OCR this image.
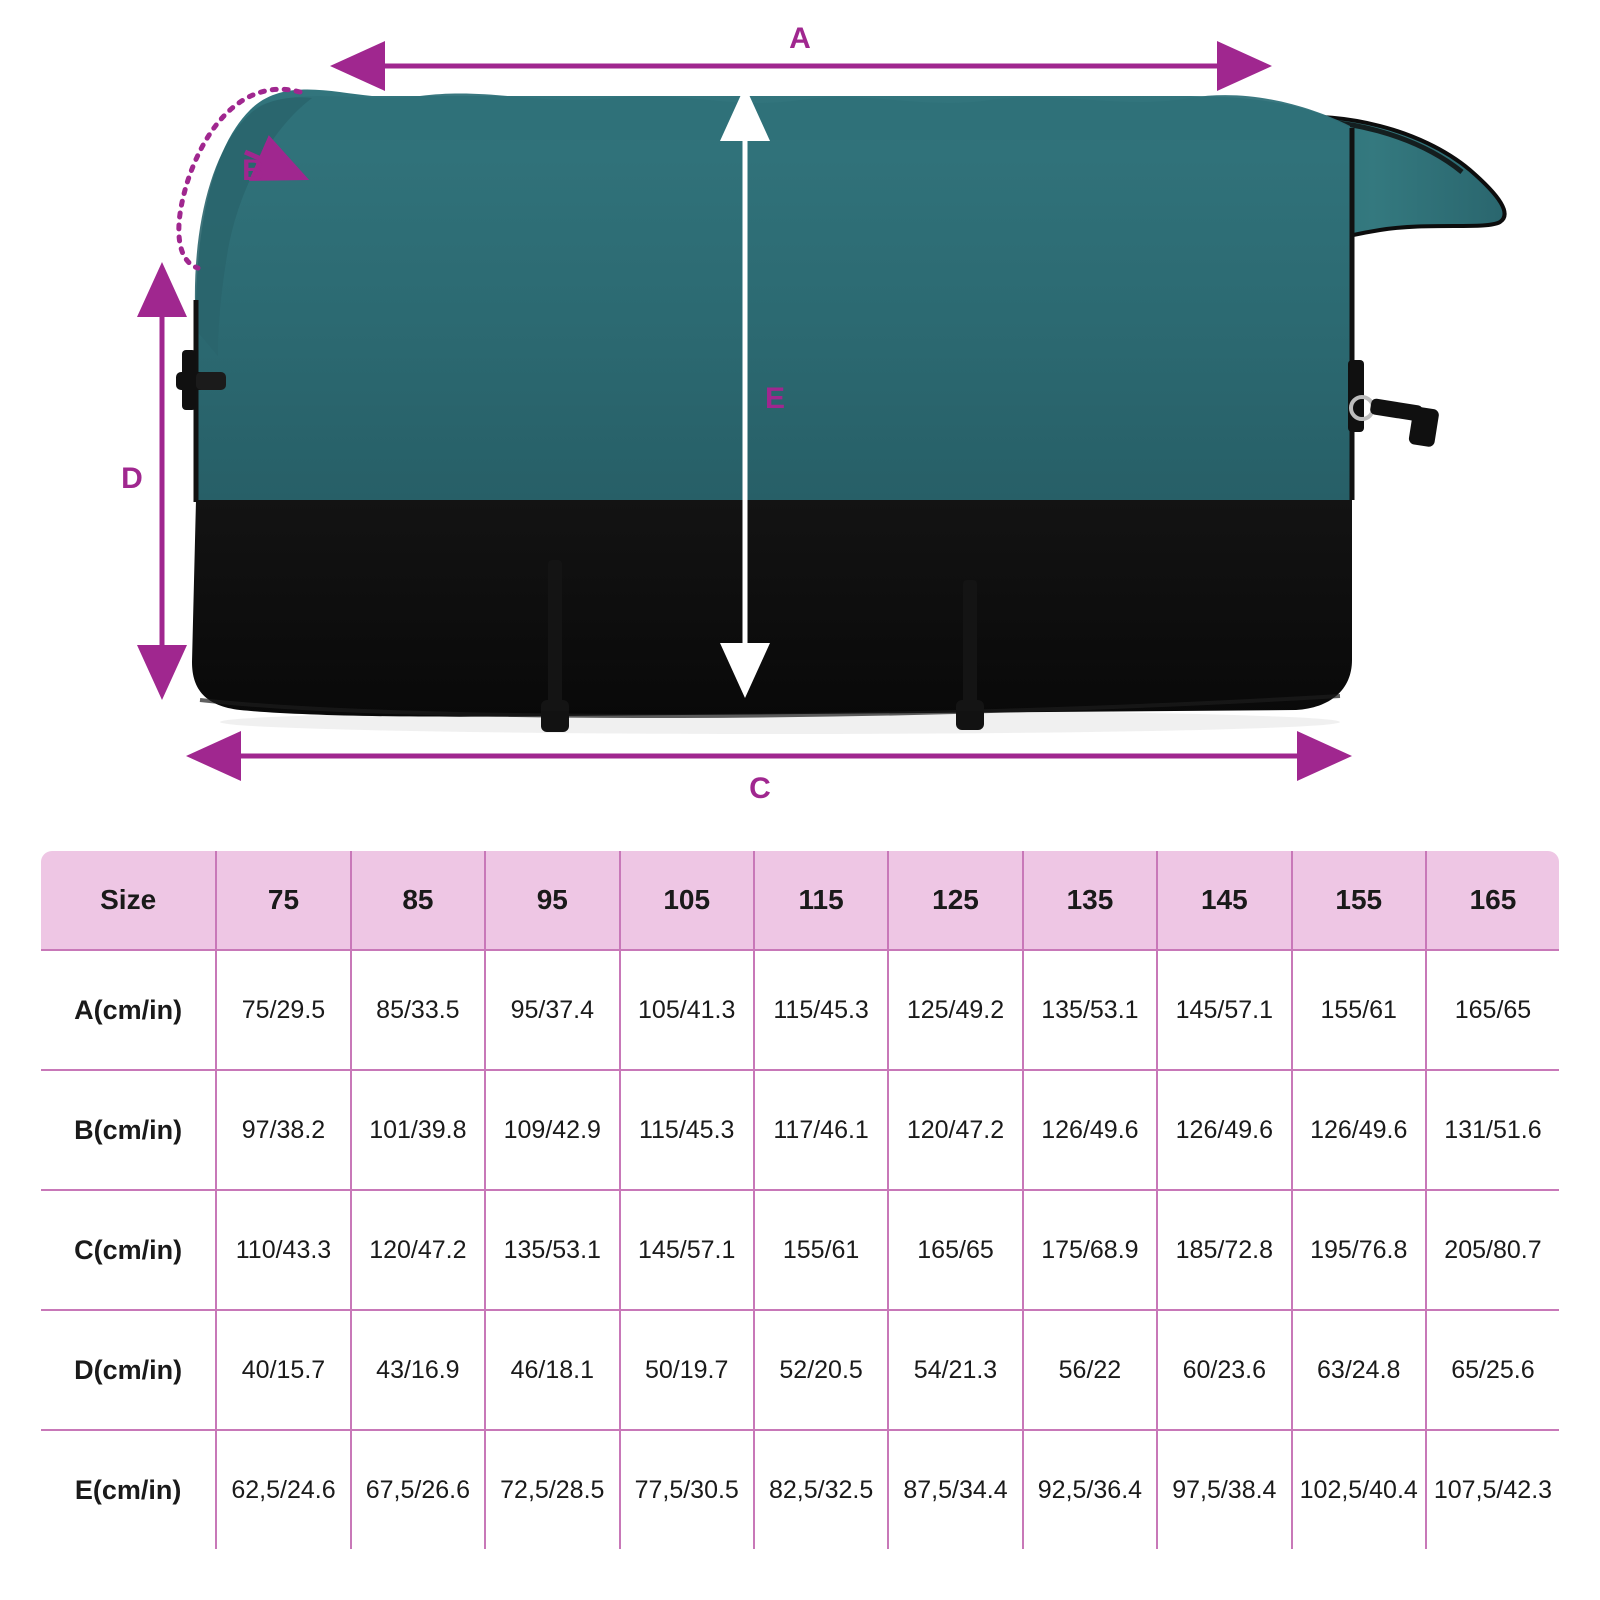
A
B
C
D
E
Size	75	85	95	105	115	125	135	145	155	165
A(cm/in)	75/29.5	85/33.5	95/37.4	105/41.3	115/45.3	125/49.2	135/53.1	145/57.1	155/61	165/65
B(cm/in)	97/38.2	101/39.8	109/42.9	115/45.3	117/46.1	120/47.2	126/49.6	126/49.6	126/49.6	131/51.6
C(cm/in)	110/43.3	120/47.2	135/53.1	145/57.1	155/61	165/65	175/68.9	185/72.8	195/76.8	205/80.7
D(cm/in)	40/15.7	43/16.9	46/18.1	50/19.7	52/20.5	54/21.3	56/22	60/23.6	63/24.8	65/25.6
E(cm/in)	62,5/24.6	67,5/26.6	72,5/28.5	77,5/30.5	82,5/32.5	87,5/34.4	92,5/36.4	97,5/38.4	102,5/40.4	107,5/42.3
